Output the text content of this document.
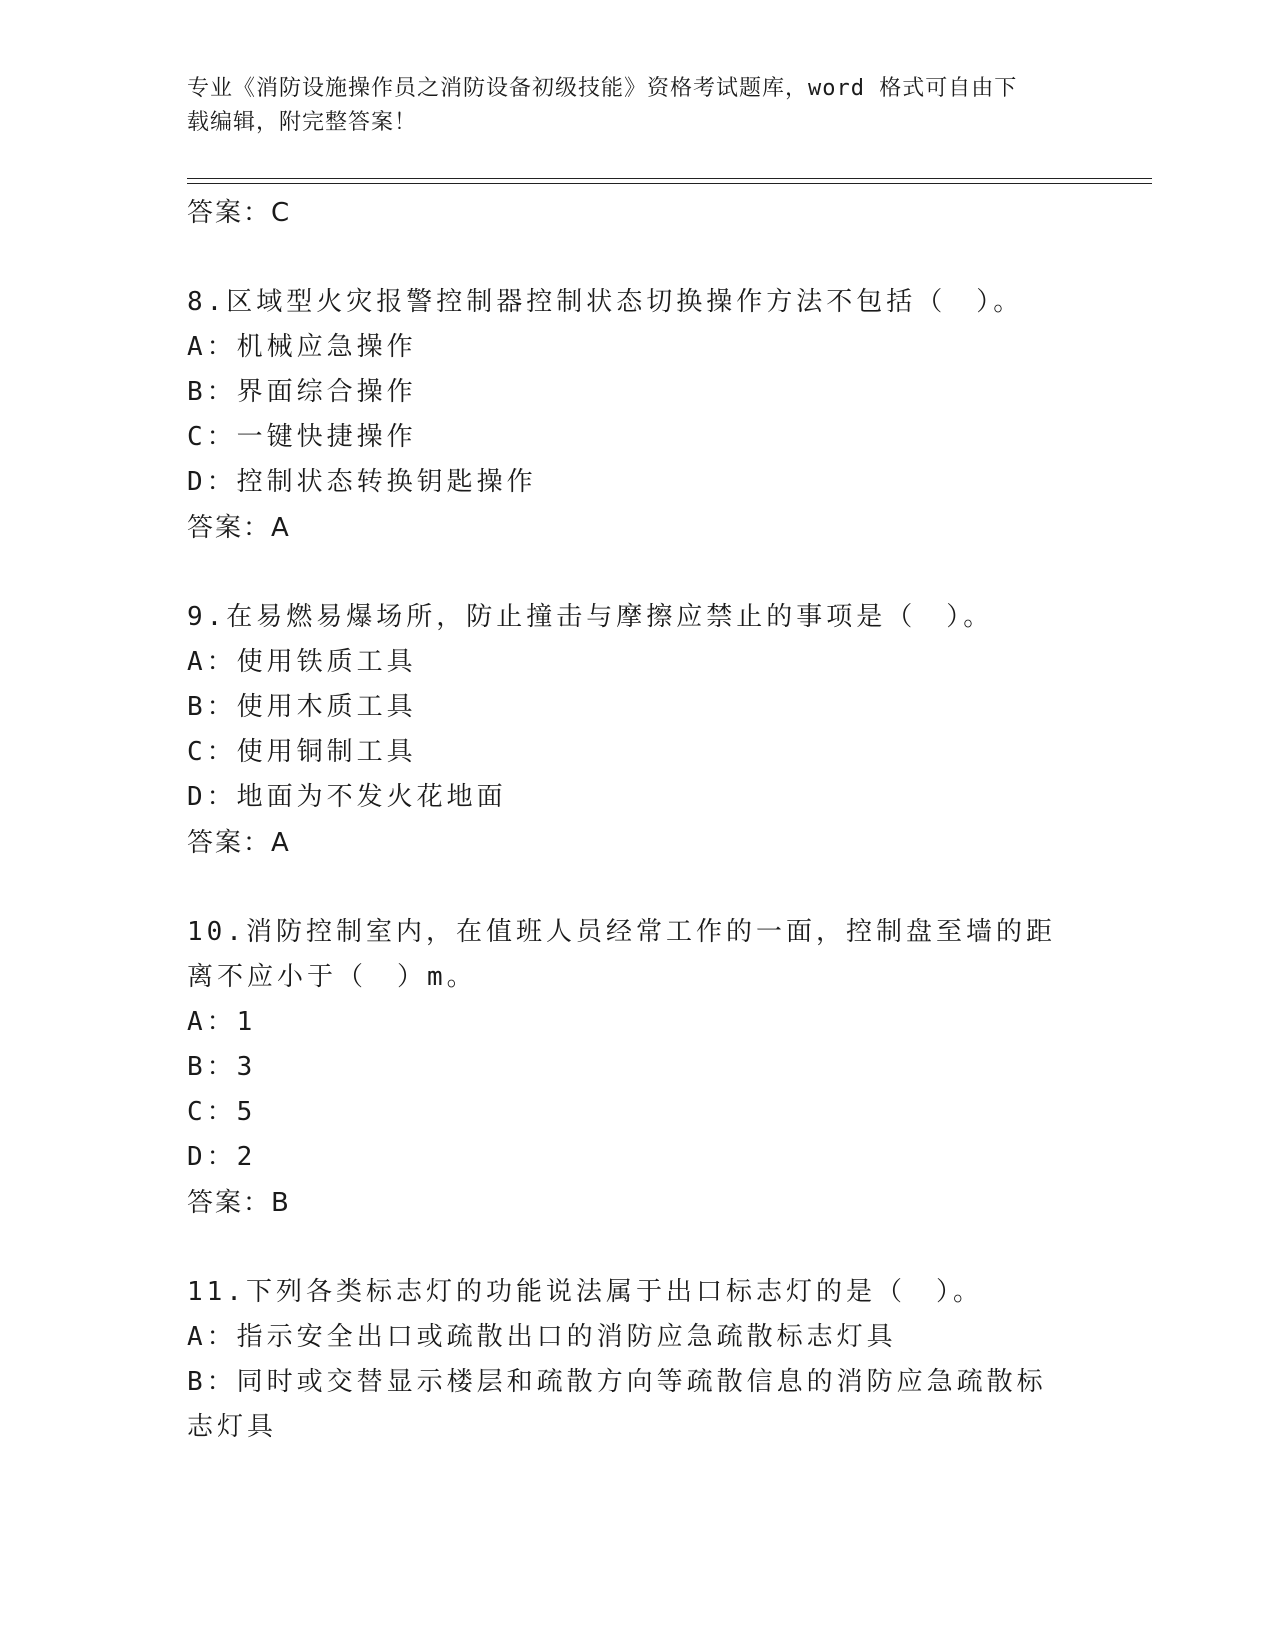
专业《消防设施操作员之消防设备初级技能》资格考试题库，word 格式可自由下
载编辑，附完整答案！
答案：C
8.区域型火灾报警控制器控制状态切换操作方法不包括（　）。
A：机械应急操作
B：界面综合操作
C：一键快捷操作
D：控制状态转换钥匙操作
答案：A
9.在易燃易爆场所，防止撞击与摩擦应禁止的事项是（　）。
A：使用铁质工具
B：使用木质工具
C：使用铜制工具
D：地面为不发火花地面
答案：A
10.消防控制室内，在值班人员经常工作的一面，控制盘至墙的距离不应小于（　）m。
A：1
B：3
C：5
D：2
答案：B
11.下列各类标志灯的功能说法属于出口标志灯的是（　）。
A：指示安全出口或疏散出口的消防应急疏散标志灯具
B：同时或交替显示楼层和疏散方向等疏散信息的消防应急疏散标志灯具
